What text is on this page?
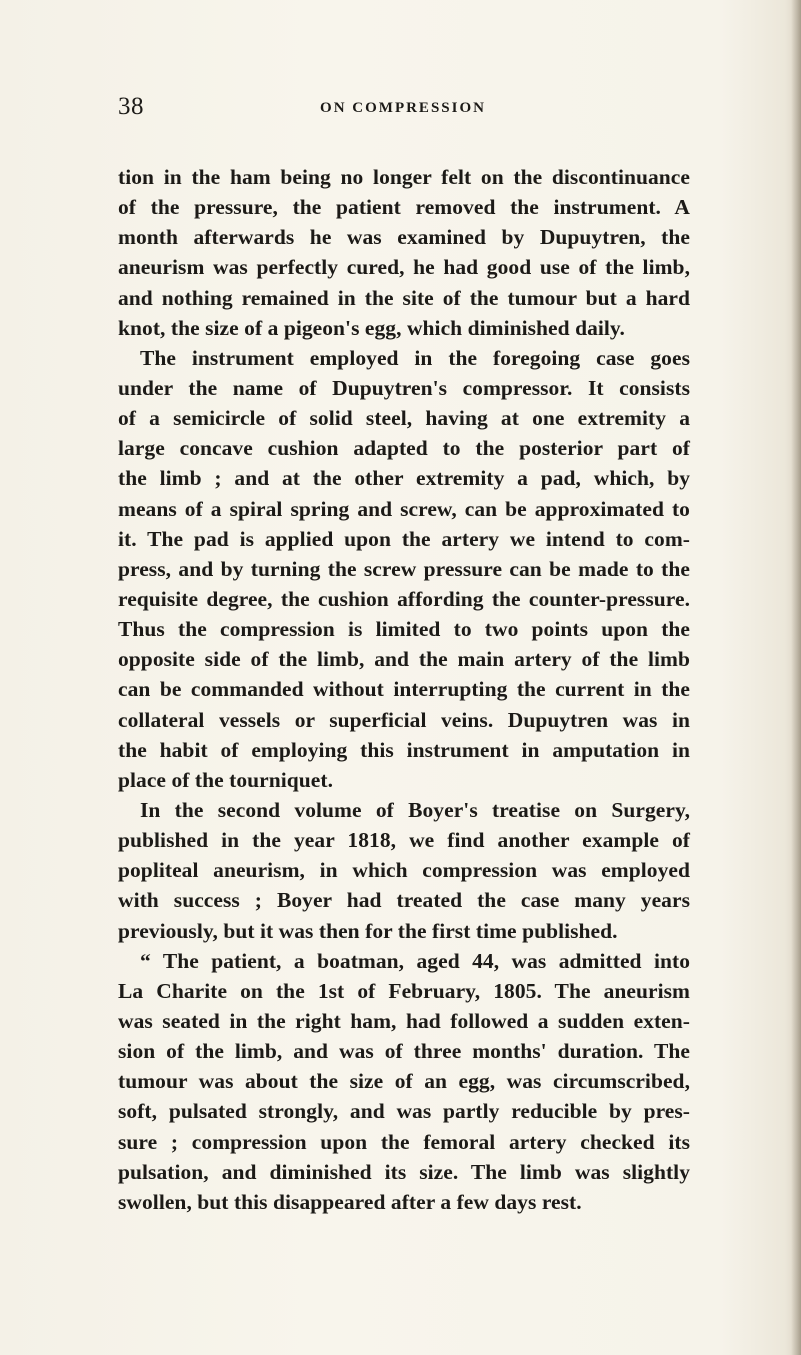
38	ON COMPRESSION
tion in the ham being no longer felt on the discontinuance
of the pressure, the patient removed the instrument. A
month afterwards he was examined by Dupuytren, the
aneurism was perfectly cured, he had good use of the limb,
and nothing remained in the site of the tumour but a hard
knot, the size of a pigeon's egg, which diminished daily.
The instrument employed in the foregoing case goes
under the name of Dupuytren's compressor. It consists
of a semicircle of solid steel, having at one extremity a
large concave cushion adapted to the posterior part of
the limb ; and at the other extremity a pad, which, by
means of a spiral spring and screw, can be approximated to
it. The pad is applied upon the artery we intend to com-
press, and by turning the screw pressure can be made to the
requisite degree, the cushion affording the counter-pressure.
Thus the compression is limited to two points upon the
opposite side of the limb, and the main artery of the limb
can be commanded without interrupting the current in the
collateral vessels or superficial veins. Dupuytren was in
the habit of employing this instrument in amputation in
place of the tourniquet.
In the second volume of Boyer's treatise on Surgery,
published in the year 1818, we find another example of
popliteal aneurism, in which compression was employed
with success ; Boyer had treated the case many years
previously, but it was then for the first time published.
“ The patient, a boatman, aged 44, was admitted into
La Charite on the 1st of February, 1805. The aneurism
was seated in the right ham, had followed a sudden exten-
sion of the limb, and was of three months' duration. The
tumour was about the size of an egg, was circumscribed,
soft, pulsated strongly, and was partly reducible by pres-
sure ; compression upon the femoral artery checked its
pulsation, and diminished its size. The limb was slightly
swollen, but this disappeared after a few days rest.
